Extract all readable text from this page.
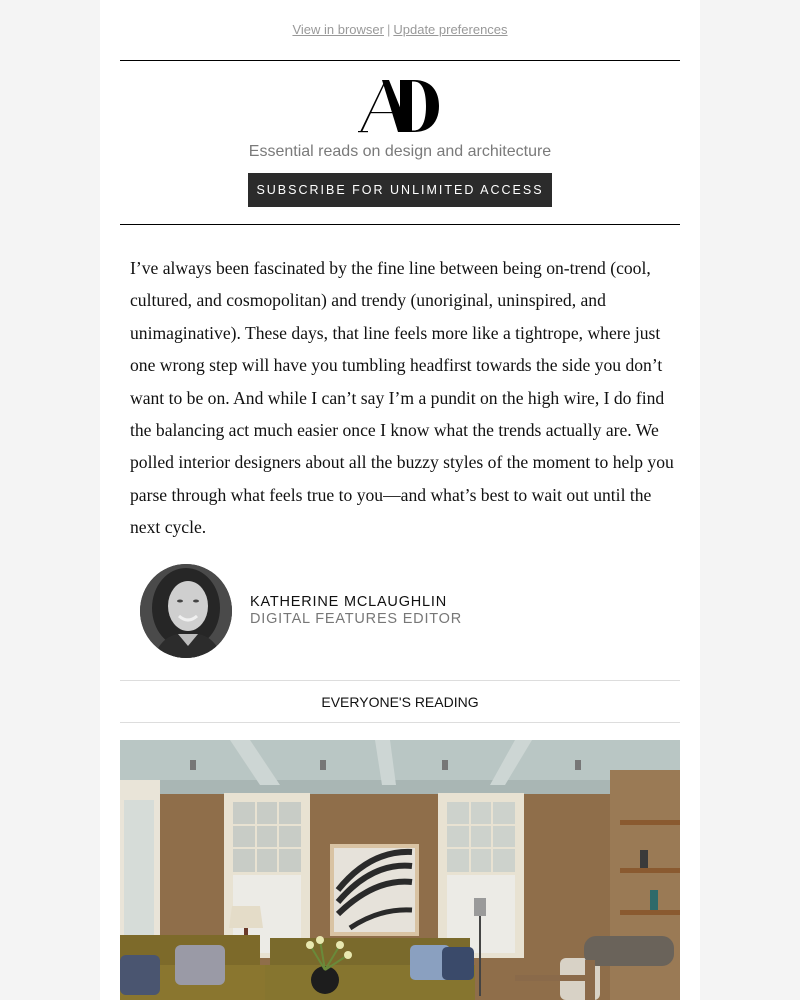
View in browser | Update preferences
Essential reads on design and architecture
SUBSCRIBE FOR UNLIMITED ACCESS

I’ve always been fascinated by the fine line between being on-trend (cool, cultured, and cosmopolitan) and trendy (unoriginal, uninspired, and unimaginative). These days, that line feels more like a tightrope, where just one wrong step will have you tumbling headfirst towards the side you don’t want to be on. And while I can’t say I’m a pundit on the high wire, I do find the balancing act much easier once I know what the trends actually are. We polled interior designers about all the buzzy styles of the moment to help you parse through what feels true to you—and what’s best to wait out until the next cycle.

KATHERINE MCLAUGHLIN
DIGITAL FEATURES EDITOR
EVERYONE'S READING
